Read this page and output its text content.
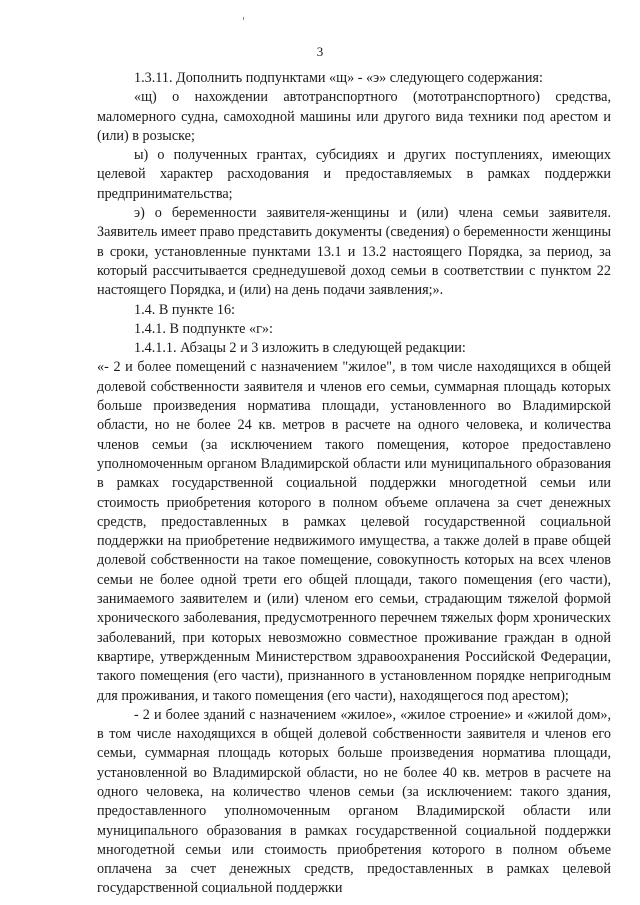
3

1.3.11. Дополнить подпунктами «щ» - «э» следующего содержания:

«щ) о нахождении автотранспортного (мототранспортного) средства, маломерного судна, самоходной машины или другого вида техники под арестом и (или) в розыске;

ы) о полученных грантах, субсидиях и других поступлениях, имеющих целевой характер расходования и предоставляемых в рамках поддержки предпринимательства;

э) о беременности заявителя-женщины и (или) члена семьи заявителя. Заявитель имеет право представить документы (сведения) о беременности женщины в сроки, установленные пунктами 13.1 и 13.2 настоящего Порядка, за период, за который рассчитывается среднедушевой доход семьи в соответствии с пунктом 22 настоящего Порядка, и (или) на день подачи заявления;».

1.4. В пункте 16:

1.4.1. В подпункте «г»:

1.4.1.1. Абзацы 2 и 3 изложить в следующей редакции:

«- 2 и более помещений с назначением "жилое", в том числе находящихся в общей долевой собственности заявителя и членов его семьи, суммарная площадь которых больше произведения норматива площади, установленного во Владимирской области, но не более 24 кв. метров в расчете на одного человека, и количества членов семьи (за исключением такого помещения, которое предоставлено уполномоченным органом Владимирской области или муниципального образования в рамках государственной социальной поддержки многодетной семьи или стоимость приобретения которого в полном объеме оплачена за счет денежных средств, предоставленных в рамках целевой государственной социальной поддержки на приобретение недвижимого имущества, а также долей в праве общей долевой собственности на такое помещение, совокупность которых на всех членов семьи не более одной трети его общей площади, такого помещения (его части), занимаемого заявителем и (или) членом его семьи, страдающим тяжелой формой хронического заболевания, предусмотренного перечнем тяжелых форм хронических заболеваний, при которых невозможно совместное проживание граждан в одной квартире, утвержденным Министерством здравоохранения Российской Федерации, такого помещения (его части), признанного в установленном порядке непригодным для проживания, и такого помещения (его части), находящегося под арестом);

- 2 и более зданий с назначением «жилое», «жилое строение» и «жилой дом», в том числе находящихся в общей долевой собственности заявителя и членов его семьи, суммарная площадь которых больше произведения норматива площади, установленной во Владимирской области, но не более 40 кв. метров в расчете на одного человека, на количество членов семьи (за исключением: такого здания, предоставленного уполномоченным органом Владимирской области или муниципального образования в рамках государственной социальной поддержки многодетной семьи или стоимость приобретения которого в полном объеме оплачена за счет денежных средств, предоставленных в рамках целевой государственной социальной поддержки
